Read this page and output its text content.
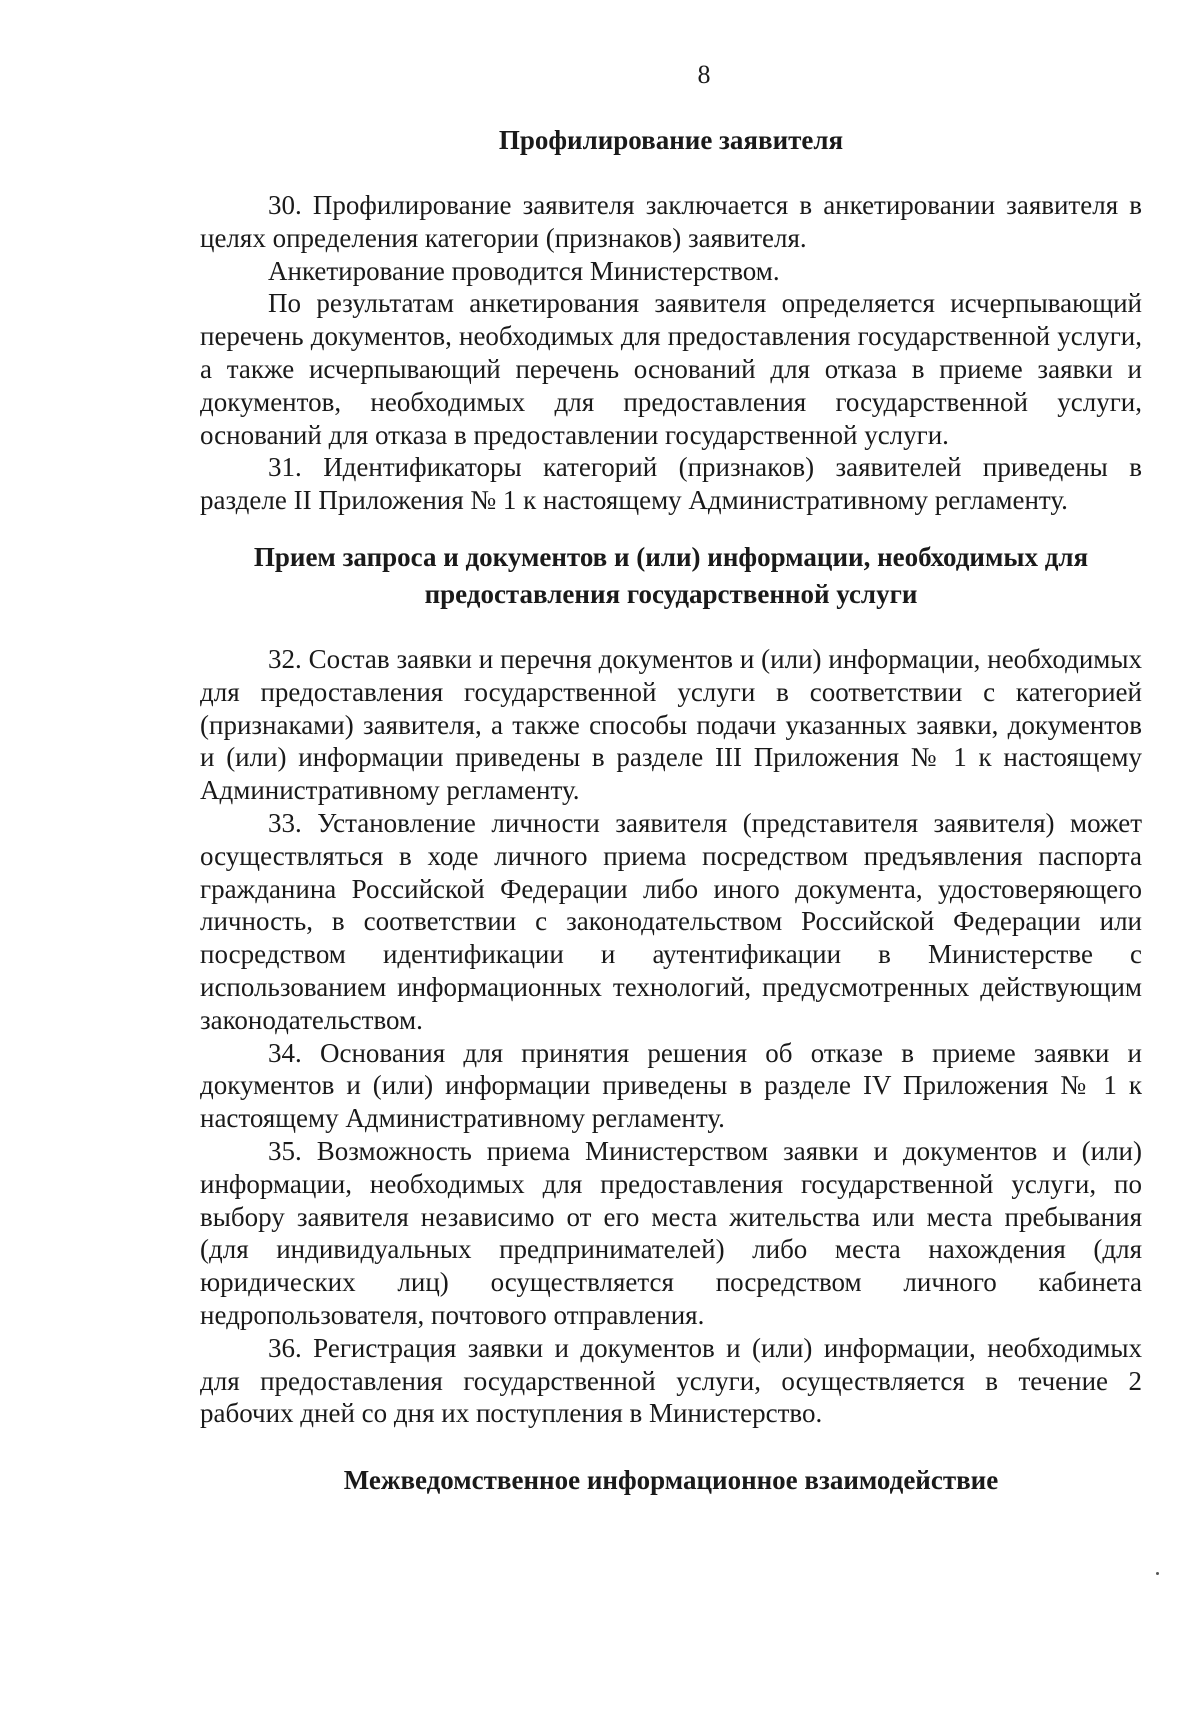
8
Профилирование заявителя

30. Профилирование заявителя заключается в анкетировании заявителя в целях определения категории (признаков) заявителя.

Анкетирование проводится Министерством.

По результатам анкетирования заявителя определяется исчерпывающий перечень документов, необходимых для предоставления государственной услуги, а также исчерпывающий перечень оснований для отказа в приеме заявки и документов, необходимых для предоставления государственной услуги, оснований для отказа в предоставлении государственной услуги.

31. Идентификаторы категорий (признаков) заявителей приведены в разделе II Приложения № 1 к настоящему Административному регламенту.

Прием запроса и документов и (или) информации, необходимых для предоставления государственной услуги

32. Состав заявки и перечня документов и (или) информации, необходимых для предоставления государственной услуги в соответствии с категорией (признаками) заявителя, а также способы подачи указанных заявки, документов и (или) информации приведены в разделе III Приложения № 1 к настоящему Административному регламенту.

33. Установление личности заявителя (представителя заявителя) может осуществляться в ходе личного приема посредством предъявления паспорта гражданина Российской Федерации либо иного документа, удостоверяющего личность, в соответствии с законодательством Российской Федерации или посредством идентификации и аутентификации в Министерстве с использованием информационных технологий, предусмотренных действующим законодательством.

34. Основания для принятия решения об отказе в приеме заявки и документов и (или) информации приведены в разделе IV Приложения № 1 к настоящему Административному регламенту.

35. Возможность приема Министерством заявки и документов и (или) информации, необходимых для предоставления государственной услуги, по выбору заявителя независимо от его места жительства или места пребывания (для индивидуальных предпринимателей) либо места нахождения (для юридических лиц) осуществляется посредством личного кабинета недропользователя, почтового отправления.

36. Регистрация заявки и документов и (или) информации, необходимых для предоставления государственной услуги, осуществляется в течение 2 рабочих дней со дня их поступления в Министерство.

Межведомственное информационное взаимодействие
